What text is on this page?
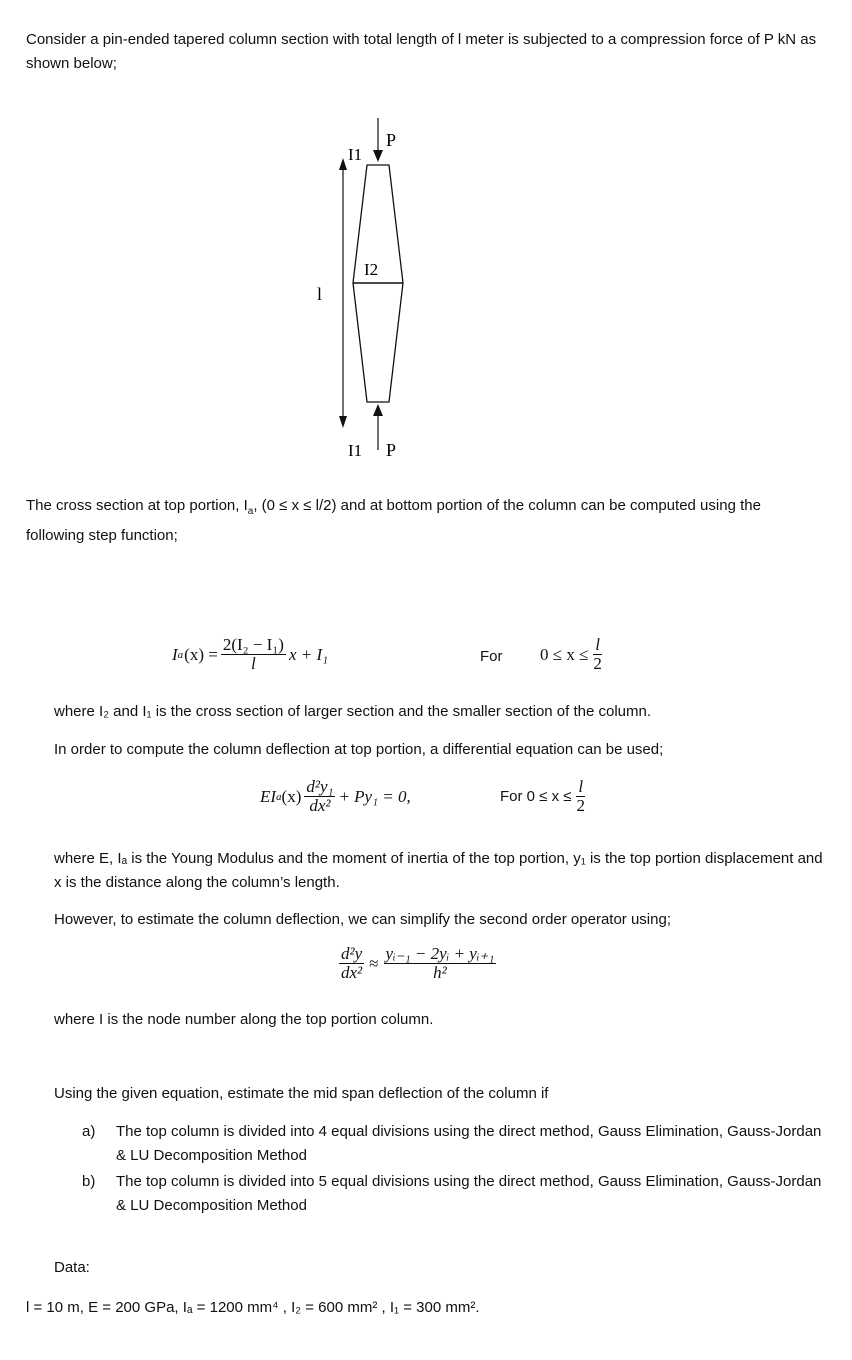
Consider a pin-ended tapered column section with total length of l meter is subjected to a compression force of P kN as shown below;
P
I1
I2
l
I1 P
The cross section at top portion, $I_a$, (0 ≤ x ≤ l/2) and at bottom portion of the column can be computed using the following step function;
I a $(x) = \frac{\text{2(I₂ − I₁)}}{l}$ x + I₁	For $0 \le x \le \frac{l}{2}$
where I₂ and I₁ is the cross section of larger section and the smaller section of the column.
In order to compute the column deflection at top portion, a differential equation can be used;
EI a $(x) \frac{\text{d²y₁}}{\text{dx²}} + Py_1 = 0$,	For $0 \le x \le \frac{l}{2}$
where E, Iₐ is the Young Modulus and the moment of inertia of the top portion, y₁ is the top portion displacement and x is the distance along the column’s length.
However, to estimate the column deflection, we can simplify the second order operator using;
$\frac{\text{d²y}}{\text{dx²}} \approx \frac{\text{yᵢ₋₁ − 2yᵢ + yᵢ₊₁}}{\text{h²}}$
where I is the node number along the top portion column.
Using the given equation, estimate the mid span deflection of the column if
a) The top column is divided into 4 equal divisions using the direct method, Gauss Elimination, Gauss-Jordan & LU Decomposition Method
b) The top column is divided into 5 equal divisions using the direct method, Gauss Elimination, Gauss-Jordan & LU Decomposition Method
Data:
l = 10 m, E = 200 GPa, Iₐ = 1200 mm⁴ , I₂ = 600 mm² , I₁ = 300 mm².
